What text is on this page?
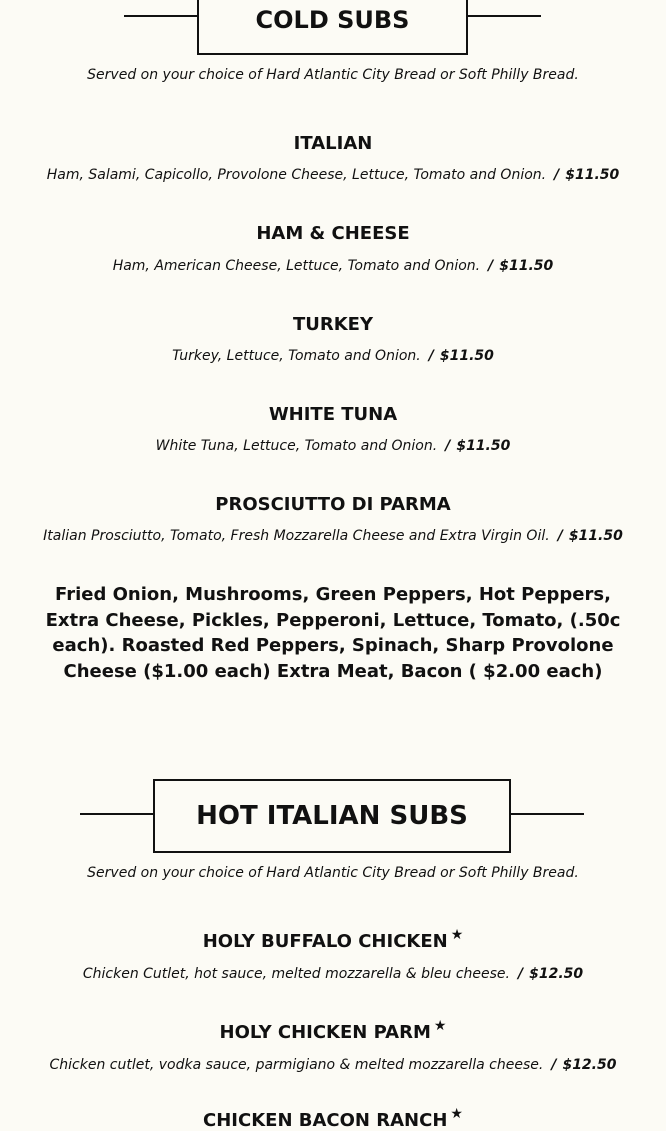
COLD SUBS
Served on your choice of Hard Atlantic City Bread or Soft Philly Bread.
ITALIAN
Ham, Salami, Capicollo, Provolone Cheese, Lettuce, Tomato and Onion. / $11.50
HAM & CHEESE
Ham, American Cheese, Lettuce, Tomato and Onion. / $11.50
TURKEY
Turkey, Lettuce, Tomato and Onion. / $11.50
WHITE TUNA
White Tuna, Lettuce, Tomato and Onion. / $11.50
PROSCIUTTO DI PARMA
Italian Prosciutto, Tomato, Fresh Mozzarella Cheese and Extra Virgin Oil. / $11.50
Fried Onion, Mushrooms, Green Peppers, Hot Peppers, Extra Cheese, Pickles, Pepperoni, Lettuce, Tomato, (.50c each). Roasted Red Peppers, Spinach, Sharp Provolone Cheese ($1.00 each) Extra Meat, Bacon ( $2.00 each)
HOT ITALIAN SUBS
Served on your choice of Hard Atlantic City Bread or Soft Philly Bread.
HOLY BUFFALO CHICKEN ★
Chicken Cutlet, hot sauce, melted mozzarella & bleu cheese. / $12.50
HOLY CHICKEN PARM ★
Chicken cutlet, vodka sauce, parmigiano & melted mozzarella cheese. / $12.50
CHICKEN BACON RANCH ★
